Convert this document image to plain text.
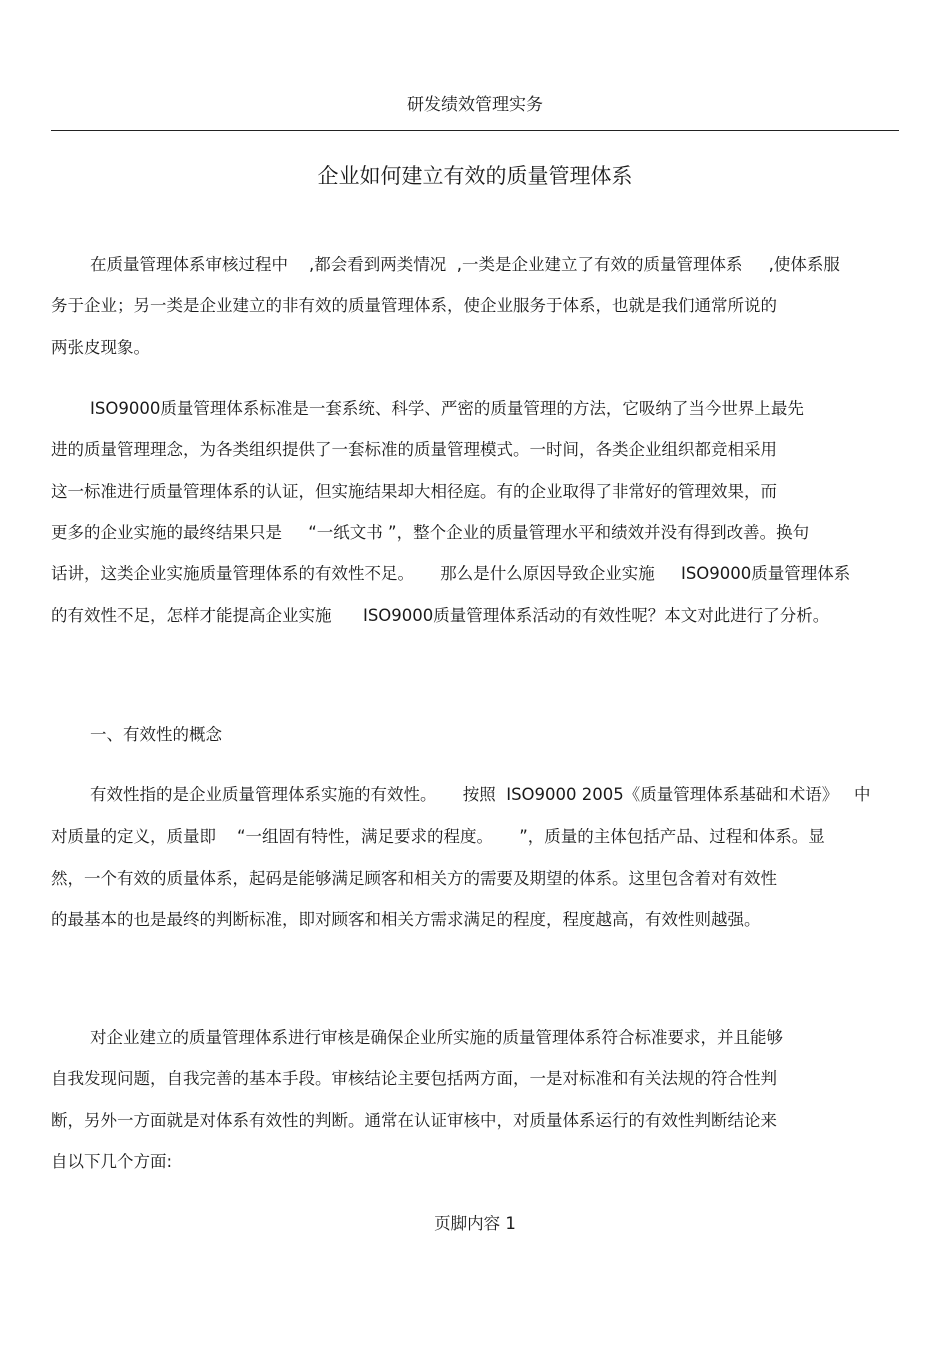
研发绩效管理实务
企业如何建立有效的质量管理体系
在质量管理体系审核过程中    ,都会看到两类情况  ,一类是企业建立了有效的质量管理体系     ,使体系服
务于企业；另一类是企业建立的非有效的质量管理体系，使企业服务于体系，也就是我们通常所说的
两张皮现象。
ISO9000质量管理体系标准是一套系统、科学、严密的质量管理的方法，它吸纳了当今世界上最先
进的质量管理理念，为各类组织提供了一套标准的质量管理模式。一时间，各类企业组织都竞相采用
这一标准进行质量管理体系的认证，但实施结果却大相径庭。有的企业取得了非常好的管理效果，而
更多的企业实施的最终结果只是     “一纸文书 ”，整个企业的质量管理水平和绩效并没有得到改善。换句
话讲，这类企业实施质量管理体系的有效性不足。     那么是什么原因导致企业实施     ISO9000质量管理体系
的有效性不足，怎样才能提高企业实施      ISO9000质量管理体系活动的有效性呢？本文对此进行了分析。
一、有效性的概念
有效性指的是企业质量管理体系实施的有效性。     按照  ISO9000 2005《质量管理体系基础和术语》   中
对质量的定义，质量即    “一组固有特性，满足要求的程度。     ”，质量的主体包括产品、过程和体系。显
然，一个有效的质量体系，起码是能够满足顾客和相关方的需要及期望的体系。这里包含着对有效性
的最基本的也是最终的判断标准，即对顾客和相关方需求满足的程度，程度越高，有效性则越强。
对企业建立的质量管理体系进行审核是确保企业所实施的质量管理体系符合标准要求，并且能够
自我发现问题，自我完善的基本手段。审核结论主要包括两方面，一是对标准和有关法规的符合性判
断，另外一方面就是对体系有效性的判断。通常在认证审核中，对质量体系运行的有效性判断结论来
自以下几个方面:
页脚内容 1
